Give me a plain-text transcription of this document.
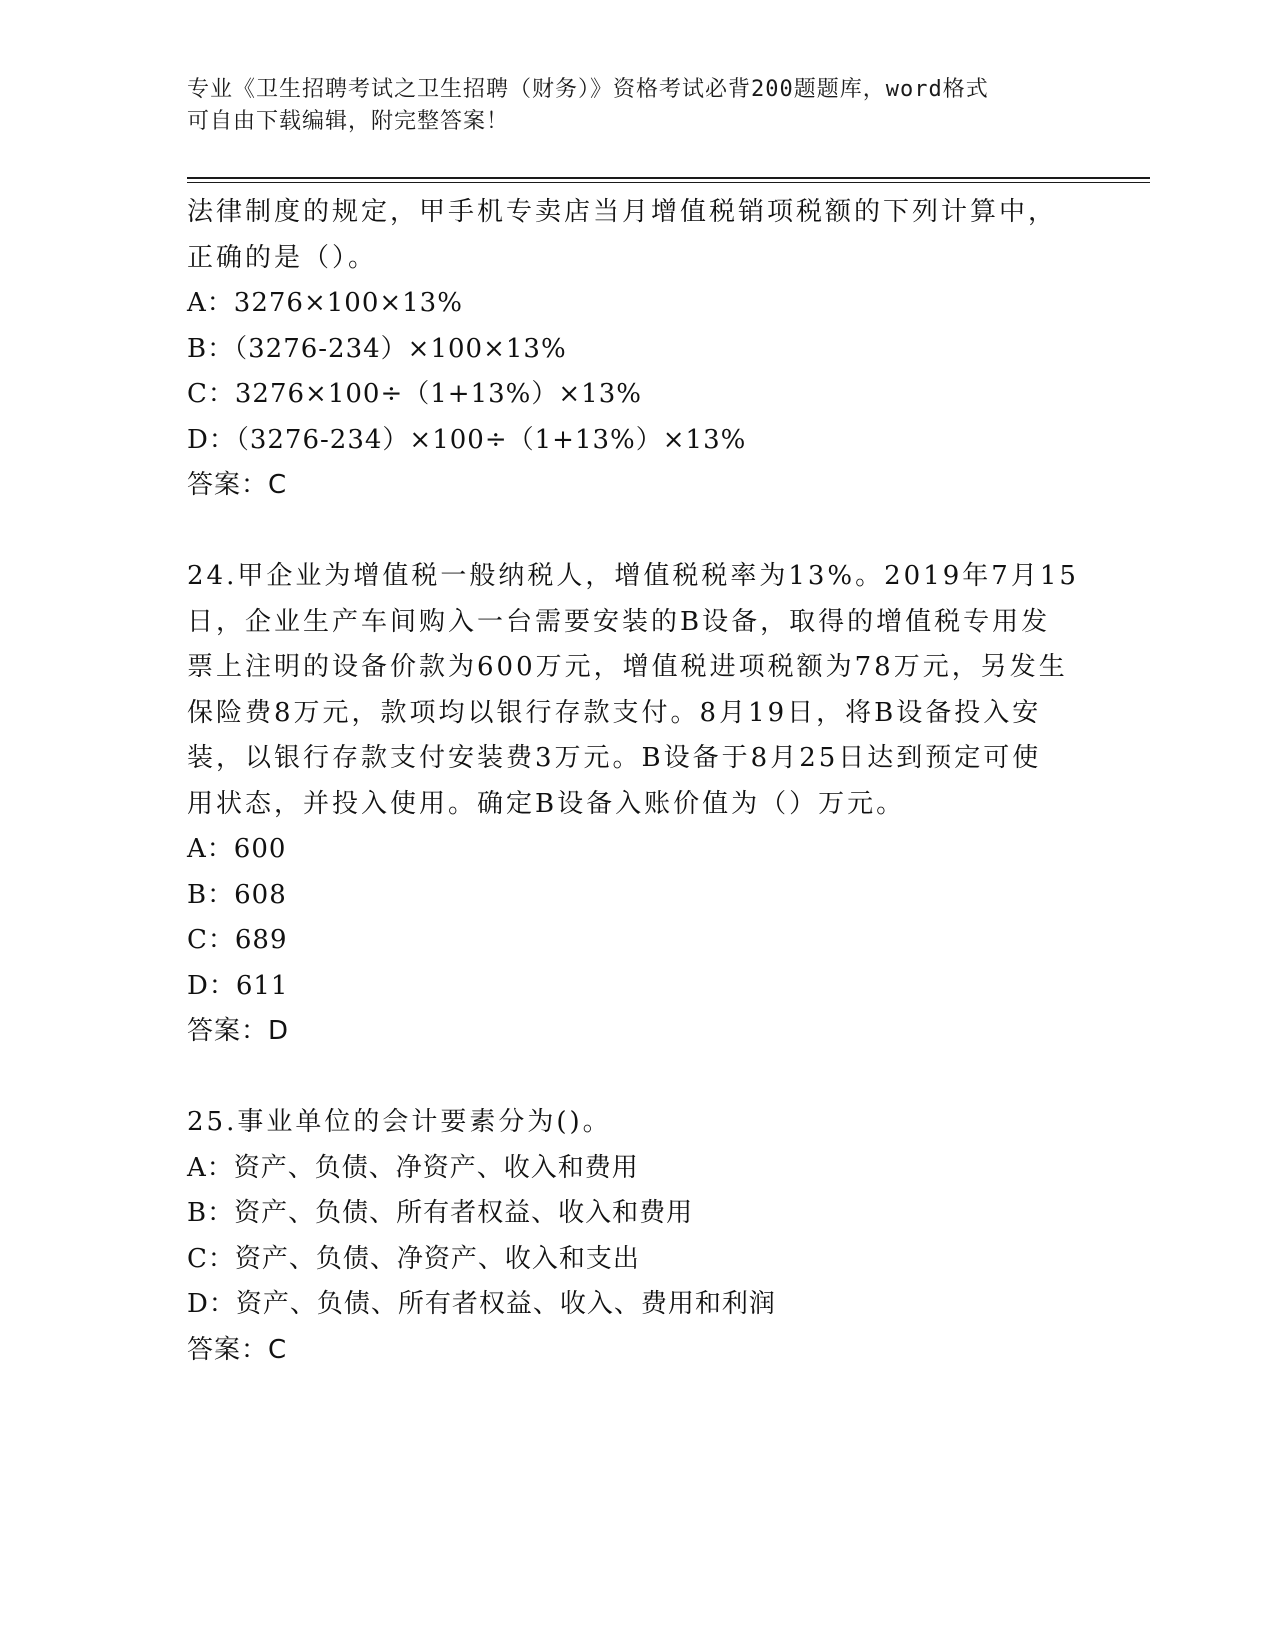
专业《卫生招聘考试之卫生招聘（财务）》资格考试必背200题题库，word格式
可自由下载编辑，附完整答案！
法律制度的规定，甲手机专卖店当月增值税销项税额的下列计算中，
正确的是（）。
A：3276×100×13%
B：（3276-234）×100×13%
C：3276×100÷（1+13%）×13%
D：（3276-234）×100÷（1+13%）×13%
答案：C
24.甲企业为增值税一般纳税人，增值税税率为13%。2019年7月15
日，企业生产车间购入一台需要安装的B设备，取得的增值税专用发
票上注明的设备价款为600万元，增值税进项税额为78万元，另发生
保险费8万元，款项均以银行存款支付。8月19日，将B设备投入安
装，以银行存款支付安装费3万元。B设备于8月25日达到预定可使
用状态，并投入使用。确定B设备入账价值为（）万元。
A：600
B：608
C：689
D：611
答案：D
25.事业单位的会计要素分为()。
A：资产、负债、净资产、收入和费用
B：资产、负债、所有者权益、收入和费用
C：资产、负债、净资产、收入和支出
D：资产、负债、所有者权益、收入、费用和利润
答案：C
